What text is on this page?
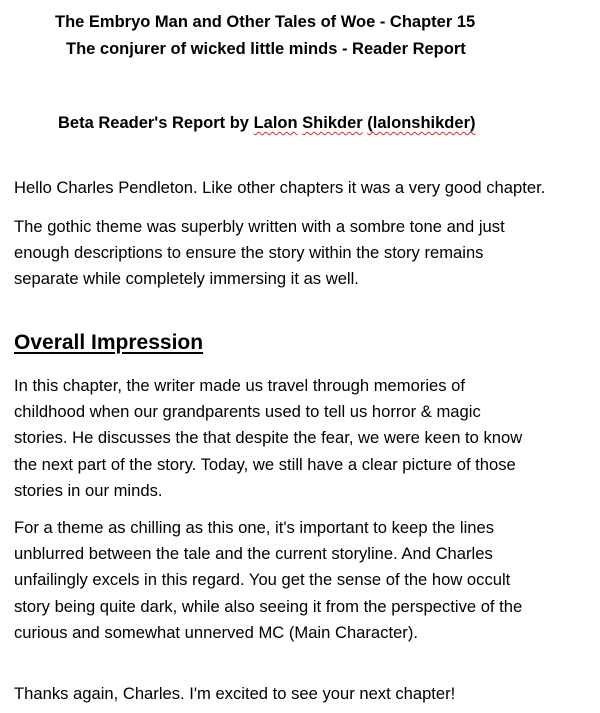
The Embryo Man and Other Tales of Woe - Chapter 15

The conjurer of wicked little minds - Reader Report

Beta Reader's Report by Lalon Shikder (lalonshikder)

Hello Charles Pendleton. Like other chapters it was a very good chapter.

The gothic theme was superbly written with a sombre tone and just
enough descriptions to ensure the story within the story remains
separate while completely immersing it as well.

Overall Impression

In this chapter, the writer made us travel through memories of
childhood when our grandparents used to tell us horror & magic
stories. He discusses the that despite the fear, we were keen to know
the next part of the story. Today, we still have a clear picture of those
stories in our minds.

For a theme as chilling as this one, it's important to keep the lines
unblurred between the tale and the current storyline. And Charles
unfailingly excels in this regard. You get the sense of the how occult
story being quite dark, while also seeing it from the perspective of the
curious and somewhat unnerved MC (Main Character).

Thanks again, Charles. I'm excited to see your next chapter!
